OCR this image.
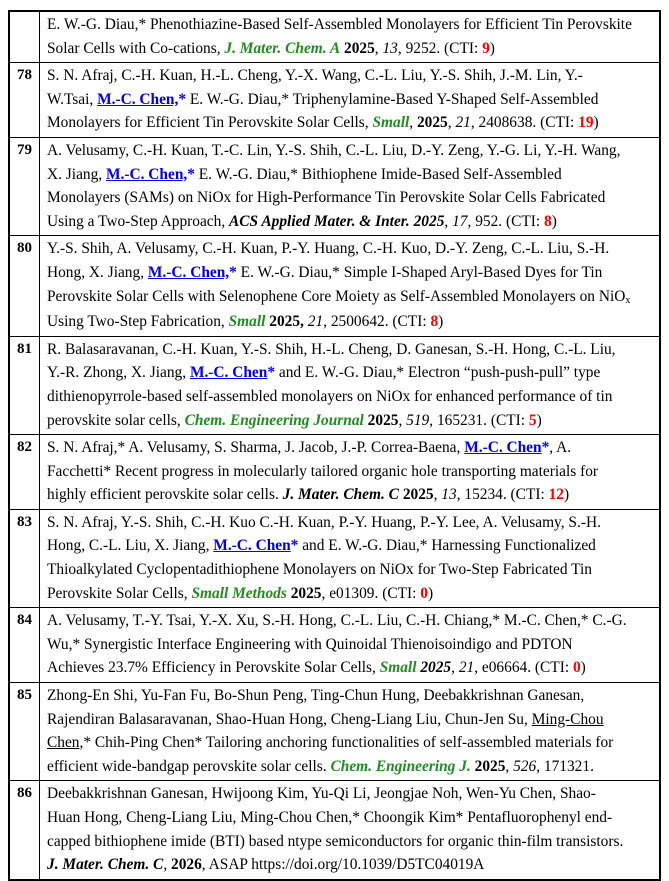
E. W.-G. Diau,* Phenothiazine-Based Self-Assembled Monolayers for Efficient Tin Perovskite
Solar Cells with Co-cations, J. Mater. Chem. A 2025, 13, 9252. (CTI: 9)
78 S. N. Afraj, C.-H. Kuan, H.-L. Cheng, Y.-X. Wang, C.-L. Liu, Y.-S. Shih, J.-M. Lin, Y.-
W.Tsai, M.-C. Chen,* E. W.-G. Diau,* Triphenylamine-Based Y-Shaped Self-Assembled
Monolayers for Efficient Tin Perovskite Solar Cells, Small, 2025, 21, 2408638. (CTI: 19)
79 A. Velusamy, C.-H. Kuan, T.-C. Lin, Y.-S. Shih, C.-L. Liu, D.-Y. Zeng, Y.-G. Li, Y.-H. Wang,
X. Jiang, M.-C. Chen,* E. W.-G. Diau,* Bithiophene Imide-Based Self-Assembled
Monolayers (SAMs) on NiOx for High-Performance Tin Perovskite Solar Cells Fabricated
Using a Two-Step Approach, ACS Applied Mater. & Inter. 2025, 17, 952. (CTI: 8)
80 Y.-S. Shih, A. Velusamy, C.-H. Kuan, P.-Y. Huang, C.-H. Kuo, D.-Y. Zeng, C.-L. Liu, S.-H.
Hong, X. Jiang, M.-C. Chen,* E. W.-G. Diau,* Simple I-Shaped Aryl-Based Dyes for Tin
Perovskite Solar Cells with Selenophene Core Moiety as Self-Assembled Monolayers on NiOx
Using Two-Step Fabrication, Small 2025, 21, 2500642. (CTI: 8)
81 R. Balasaravanan, C.-H. Kuan, Y.-S. Shih, H.-L. Cheng, D. Ganesan, S.-H. Hong, C.-L. Liu,
Y.-R. Zhong, X. Jiang, M.-C. Chen* and E. W.-G. Diau,* Electron “push-push-pull” type
dithienopyrrole-based self-assembled monolayers on NiOx for enhanced performance of tin
perovskite solar cells, Chem. Engineering Journal 2025, 519, 165231. (CTI: 5)
82 S. N. Afraj,* A. Velusamy, S. Sharma, J. Jacob, J.-P. Correa-Baena, M.-C. Chen*, A.
Facchetti* Recent progress in molecularly tailored organic hole transporting materials for
highly efficient perovskite solar cells. J. Mater. Chem. C 2025, 13, 15234. (CTI: 12)
83 S. N. Afraj, Y.-S. Shih, C.-H. Kuo C.-H. Kuan, P.-Y. Huang, P.-Y. Lee, A. Velusamy, S.-H.
Hong, C.-L. Liu, X. Jiang, M.-C. Chen* and E. W.-G. Diau,* Harnessing Functionalized
Thioalkylated Cyclopentadithiophene Monolayers on NiOx for Two-Step Fabricated Tin
Perovskite Solar Cells, Small Methods 2025, e01309. (CTI: 0)
84 A. Velusamy, T.-Y. Tsai, Y.-X. Xu, S.-H. Hong, C.-L. Liu, C.-H. Chiang,* M.-C. Chen,* C.-G.
Wu,* Synergistic Interface Engineering with Quinoidal Thienoisoindigo and PDTON
Achieves 23.7% Efficiency in Perovskite Solar Cells, Small 2025, 21, e06664. (CTI: 0)
85 Zhong-En Shi, Yu-Fan Fu, Bo-Shun Peng, Ting-Chun Hung, Deebakkrishnan Ganesan,
Rajendiran Balasaravanan, Shao-Huan Hong, Cheng-Liang Liu, Chun-Jen Su, Ming-Chou
Chen,* Chih-Ping Chen* Tailoring anchoring functionalities of self-assembled materials for
efficient wide-bandgap perovskite solar cells. Chem. Engineering J. 2025, 526, 171321.
86 Deebakkrishnan Ganesan, Hwijoong Kim, Yu-Qi Li, Jeongjae Noh, Wen-Yu Chen, Shao-
Huan Hong, Cheng-Liang Liu, Ming-Chou Chen,* Choongik Kim* Pentafluorophenyl end-
capped bithiophene imide (BTI) based ntype semiconductors for organic thin-film transistors.
J. Mater. Chem. C, 2026, ASAP https://doi.org/10.1039/D5TC04019A
